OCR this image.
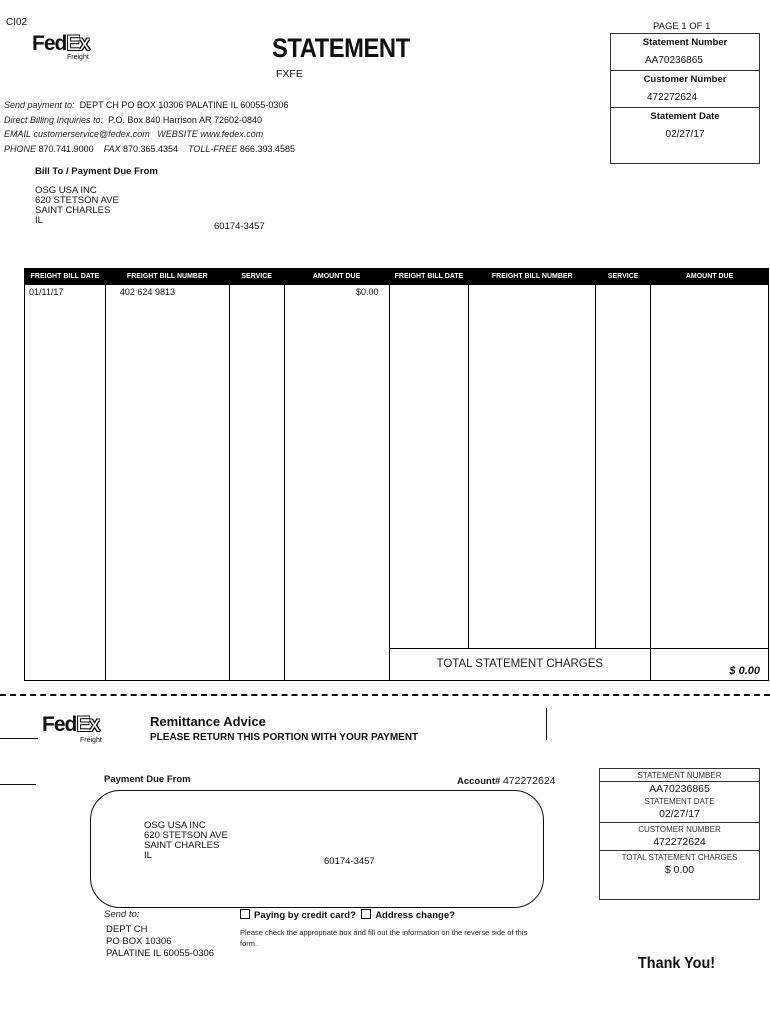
CI02
FedEx.
Freight	STATEMENT
FXFE
PAGE 1 OF 1
Statement Number
AA70236865
Customer Number
472272624
Statement Date
02/27/17
Send payment to: DEPT CH PO BOX 10306 PALATINE IL 60055-0306
Direct Billing Inquiries to: P.O. Box 840 Harrison AR 72602-0840
EMAIL customerservice@fedex.com WEBSITE www.fedex.com
PHONE 870.741.9000 FAX 870.365.4354 TOLL-FREE 866.393.4585
Bill To / Payment Due From
OSG USA INC
620 STETSON AVE
SAINT CHARLES
IL
60174-3457
FREIGHT BILL DATE	FREIGHT BILL NUMBER	SERVICE	AMOUNT DUE	FREIGHT BILL DATE	FREIGHT BILL NUMBER	SERVICE	AMOUNT DUE
01/11/17	402 624 9813		$0.00				
				TOTAL STATEMENT CHARGES			$ 0.00
FedEx.
Freight
Remittance Advice
PLEASE RETURN THIS PORTION WITH YOUR PAYMENT
Payment Due From	Account# 472272624
OSG USA INC
620 STETSON AVE
SAINT CHARLES
IL
60174-3457
STATEMENT NUMBER
AA70236865
STATEMENT DATE
02/27/17
CUSTOMER NUMBER
472272624
TOTAL STATEMENT CHARGES
$ 0.00
Send to:
DEPT CH
PO BOX 10306
PALATINE IL 60055-0306
Paying by credit card? Address change?
Please check the appropriate box and fill out the information on the reverse side of this form.
Thank You!
